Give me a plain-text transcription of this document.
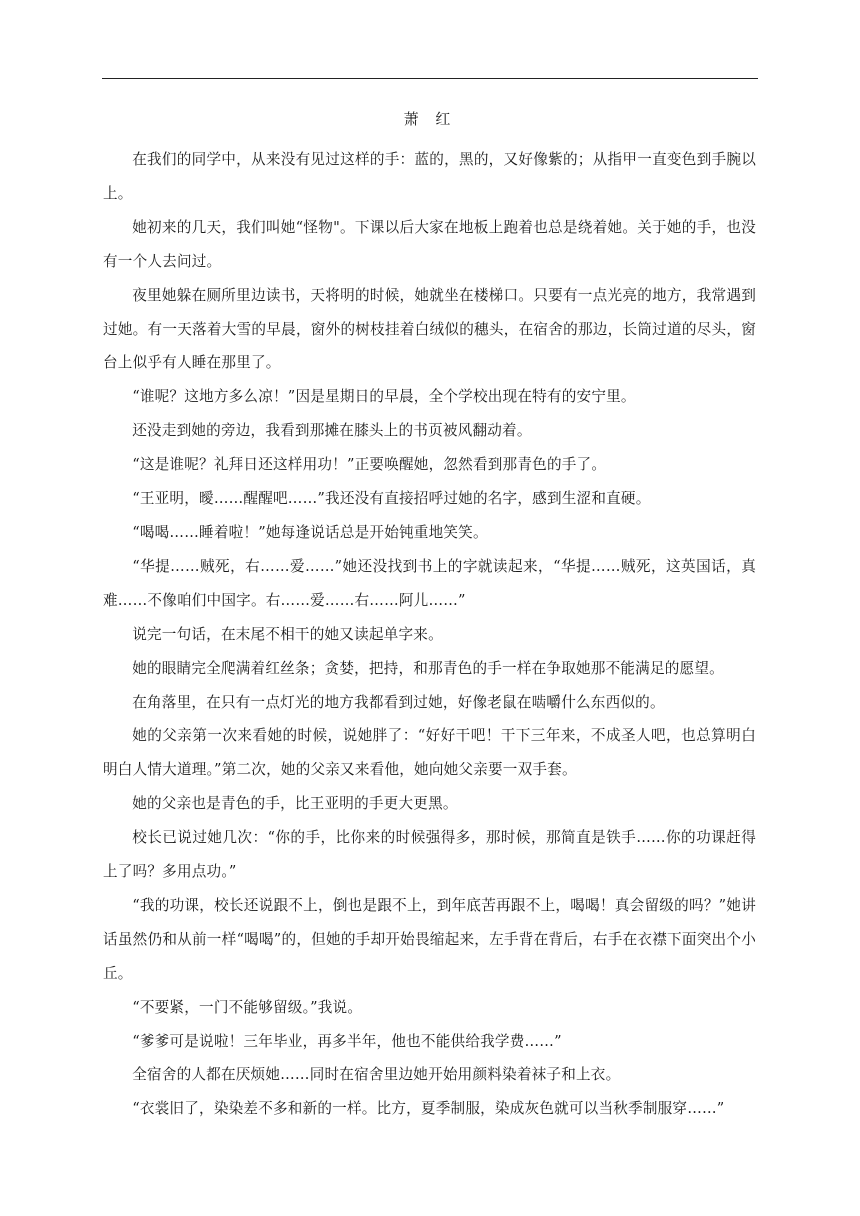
萧 红

在我们的同学中，从来没有见过这样的手：蓝的，黑的，又好像紫的；从指甲一直变色到手腕以上。

她初来的几天，我们叫她“怪物"。下课以后大家在地板上跑着也总是绕着她。关于她的手，也没有一个人去问过。

夜里她躲在厕所里边读书，天将明的时候，她就坐在楼梯口。只要有一点光亮的地方，我常遇到过她。有一天落着大雪的早晨，窗外的树枝挂着白绒似的穗头，在宿舍的那边，长筒过道的尽头，窗台上似乎有人睡在那里了。

“谁呢？这地方多么凉！”因是星期日的早晨，全个学校出现在特有的安宁里。

还没走到她的旁边，我看到那摊在膝头上的书页被风翻动着。

“这是谁呢？礼拜日还这样用功！”正要唤醒她，忽然看到那青色的手了。

“王亚明，曖……醒醒吧……”我还没有直接招呼过她的名字，感到生涩和直硬。

“喝喝……睡着啦！”她每逢说话总是开始钝重地笑笑。

“华提……贼死，右……爱……”她还没找到书上的字就读起来，“华提……贼死，这英国话，真难……不像咱们中国字。右……爱……右……阿儿……”

说完一句话，在末尾不相干的她又读起单字来。

她的眼睛完全爬满着红丝条；贪婪，把持，和那青色的手一样在争取她那不能满足的愿望。

在角落里，在只有一点灯光的地方我都看到过她，好像老鼠在啮嚼什么东西似的。

她的父亲第一次来看她的时候，说她胖了：“好好干吧！干下三年来，不成圣人吧，也总算明白明白人情大道理。”第二次，她的父亲又来看他，她向她父亲要一双手套。

她的父亲也是青色的手，比王亚明的手更大更黑。

校长已说过她几次：“你的手，比你来的时候强得多，那时候，那简直是铁手……你的功课赶得上了吗？多用点功。”

“我的功课，校长还说跟不上，倒也是跟不上，到年底苦再跟不上，喝喝！真会留级的吗？”她讲话虽然仍和从前一样“喝喝”的，但她的手却开始畏缩起来，左手背在背后，右手在衣襟下面突出个小丘。

“不要紧，一门不能够留级。”我说。

“爹爹可是说啦！三年毕业，再多半年，他也不能供给我学费……”

全宿舍的人都在厌烦她……同时在宿舍里边她开始用颜料染着袜子和上衣。

“衣裳旧了，染染差不多和新的一样。比方，夏季制服，染成灰色就可以当秋季制服穿……”
